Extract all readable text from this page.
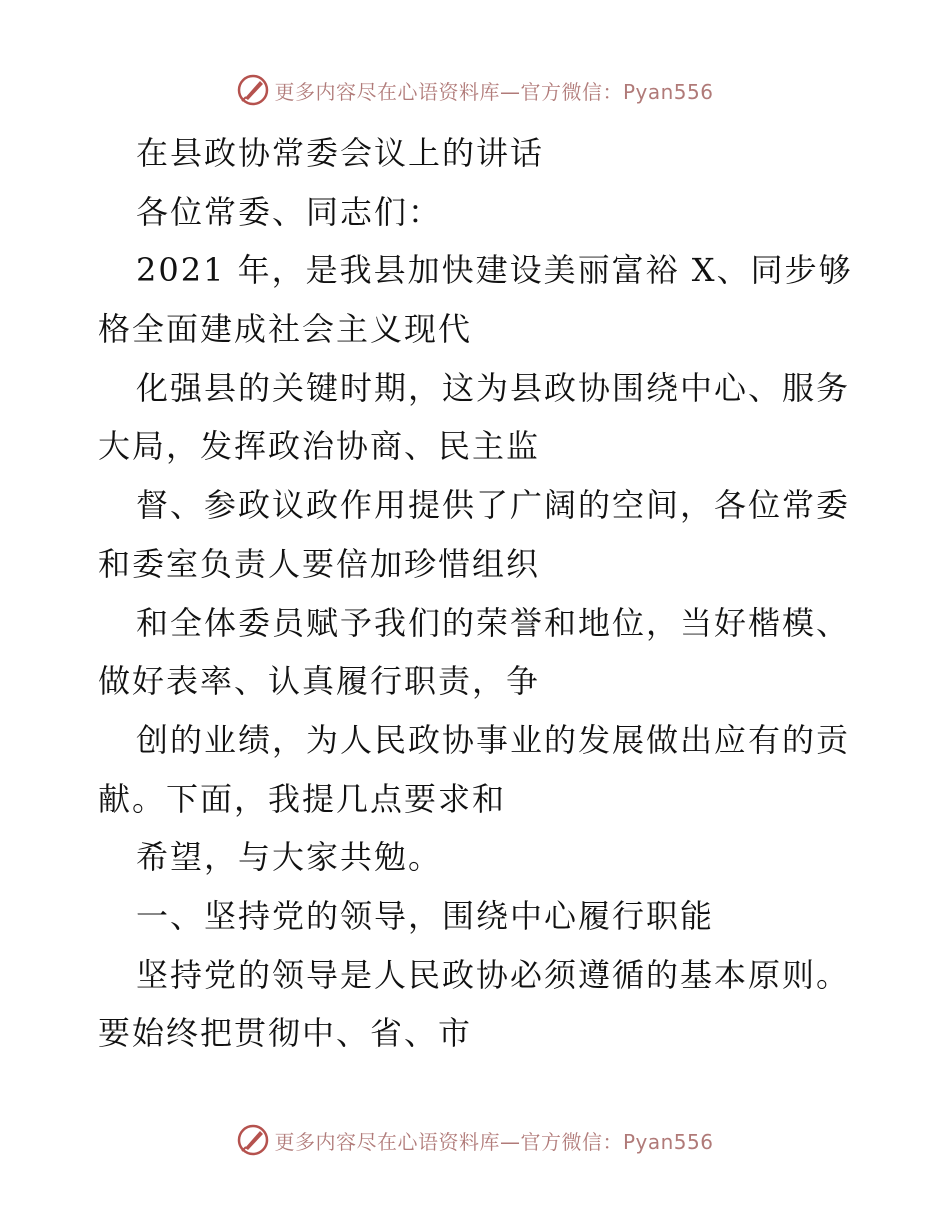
更多内容尽在心语资料库—官方微信：Pyan556
在县政协常委会议上的讲话
各位常委、同志们：
2021 年，是我县加快建设美丽富裕 X、同步够
格全面建成社会主义现代
化强县的关键时期，这为县政协围绕中心、服务
大局，发挥政治协商、民主监
督、参政议政作用提供了广阔的空间，各位常委
和委室负责人要倍加珍惜组织
和全体委员赋予我们的荣誉和地位，当好楷模、
做好表率、认真履行职责，争
创的业绩，为人民政协事业的发展做出应有的贡
献。下面，我提几点要求和
希望，与大家共勉。
一、坚持党的领导，围绕中心履行职能
坚持党的领导是人民政协必须遵循的基本原则。
要始终把贯彻中、省、市
更多内容尽在心语资料库—官方微信：Pyan556
